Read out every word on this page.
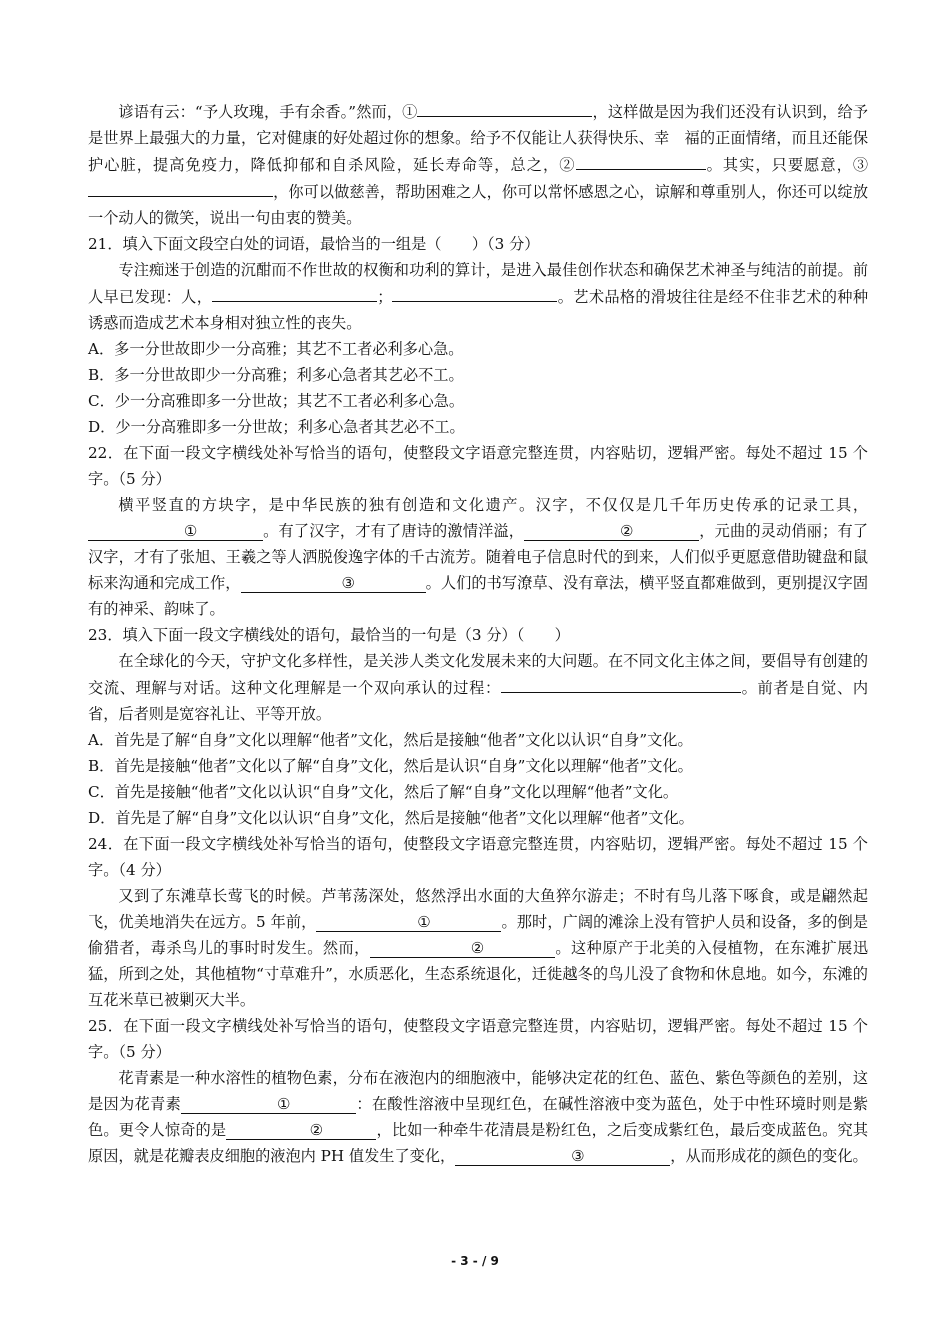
谚语有云：“予人玫瑰，手有余香。”然而，①	，这样做是因为我们还没有认识到，给予是世界上最强大的力量，它对健康的好处超过你的想象。给予不仅能让人获得快乐、幸　福的正面情绪，而且还能保护心脏，提高免疫力，降低抑郁和自杀风险，延长寿命等，总之，②	。其实，只要愿意，③，你可以做慈善，帮助困难之人，你可以常怀感恩之心，谅解和尊重别人，你还可以绽放一个动人的微笑，说出一句由衷的赞美。

21．填入下面文段空白处的词语，最恰当的一组是（　　）（3 分）

专注痴迷于创造的沉酣而不作世故的权衡和功利的算计，是进入最佳创作状态和确保艺术神圣与纯洁的前提。前人早已发现：人，	；	。艺术品格的滑坡往往是经不住非艺术的种种诱惑而造成艺术本身相对独立性的丧失。

A．多一分世故即少一分高雅；其艺不工者必利多心急。

B．多一分世故即少一分高雅；利多心急者其艺必不工。

C．少一分高雅即多一分世故；其艺不工者必利多心急。

D．少一分高雅即多一分世故；利多心急者其艺必不工。

22．在下面一段文字横线处补写恰当的语句，使整段文字语意完整连贯，内容贴切，逻辑严密。每处不超过 15 个字。（5 分）

横平竖直的方块字，是中华民族的独有创造和文化遗产。汉字，不仅仅是几千年历史传承的记录工具，①	。有了汉字，才有了唐诗的激情洋溢，	②	，元曲的灵动俏丽；有了汉字，才有了张旭、王羲之等人洒脱俊逸字体的千古流芳。随着电子信息时代的到来，人们似乎更愿意借助键盘和鼠标来沟通和完成工作，	③	。人们的书写潦草、没有章法，横平竖直都难做到，更别提汉字固有的神采、韵味了。

23．填入下面一段文字横线处的语句，最恰当的一句是（3 分）（　　）

在全球化的今天，守护文化多样性，是关涉人类文化发展未来的大问题。在不同文化主体之间，要倡导有创建的交流、理解与对话。这种文化理解是一个双向承认的过程：	。前者是自觉、内省，后者则是宽容礼让、平等开放。

A．首先是了解“自身”文化以理解“他者”文化，然后是接触“他者”文化以认识“自身”文化。

B．首先是接触“他者”文化以了解“自身”文化，然后是认识“自身”文化以理解“他者”文化。

C．首先是接触“他者”文化以认识“自身”文化，然后了解“自身”文化以理解“他者”文化。

D．首先是了解“自身”文化以认识“自身”文化，然后是接触“他者”文化以理解“他者”文化。

24．在下面一段文字横线处补写恰当的语句，使整段文字语意完整连贯，内容贴切，逻辑严密。每处不超过 15 个字。（4 分）

又到了东滩草长莺飞的时候。芦苇荡深处，悠然浮出水面的大鱼猝尔游走；不时有鸟儿落下啄食，或是翩然起飞，优美地消失在远方。5 年前，	①	。那时，广阔的滩涂上没有管护人员和设备，多的倒是偷猎者，毒杀鸟儿的事时时发生。然而，	②	。这种原产于北美的入侵植物，在东滩扩展迅猛，所到之处，其他植物“寸草难升”，水质恶化，生态系统退化，迁徙越冬的鸟儿没了食物和休息地。如今，东滩的互花米草已被剿灭大半。

25．在下面一段文字横线处补写恰当的语句，使整段文字语意完整连贯，内容贴切，逻辑严密。每处不超过 15 个字。（5 分）

花青素是一种水溶性的植物色素，分布在液泡内的细胞液中，能够决定花的红色、蓝色、紫色等颜色的差别，这是因为花青素	①	：在酸性溶液中呈现红色，在碱性溶液中变为蓝色，处于中性环境时则是紫色。更令人惊奇的是	②	，比如一种牵牛花清晨是粉红色，之后变成紫红色，最后变成蓝色。究其原因，就是花瓣表皮细胞的液泡内 PH 值发生了变化，	③	，从而形成花的颜色的变化。

- 3 - / 9
